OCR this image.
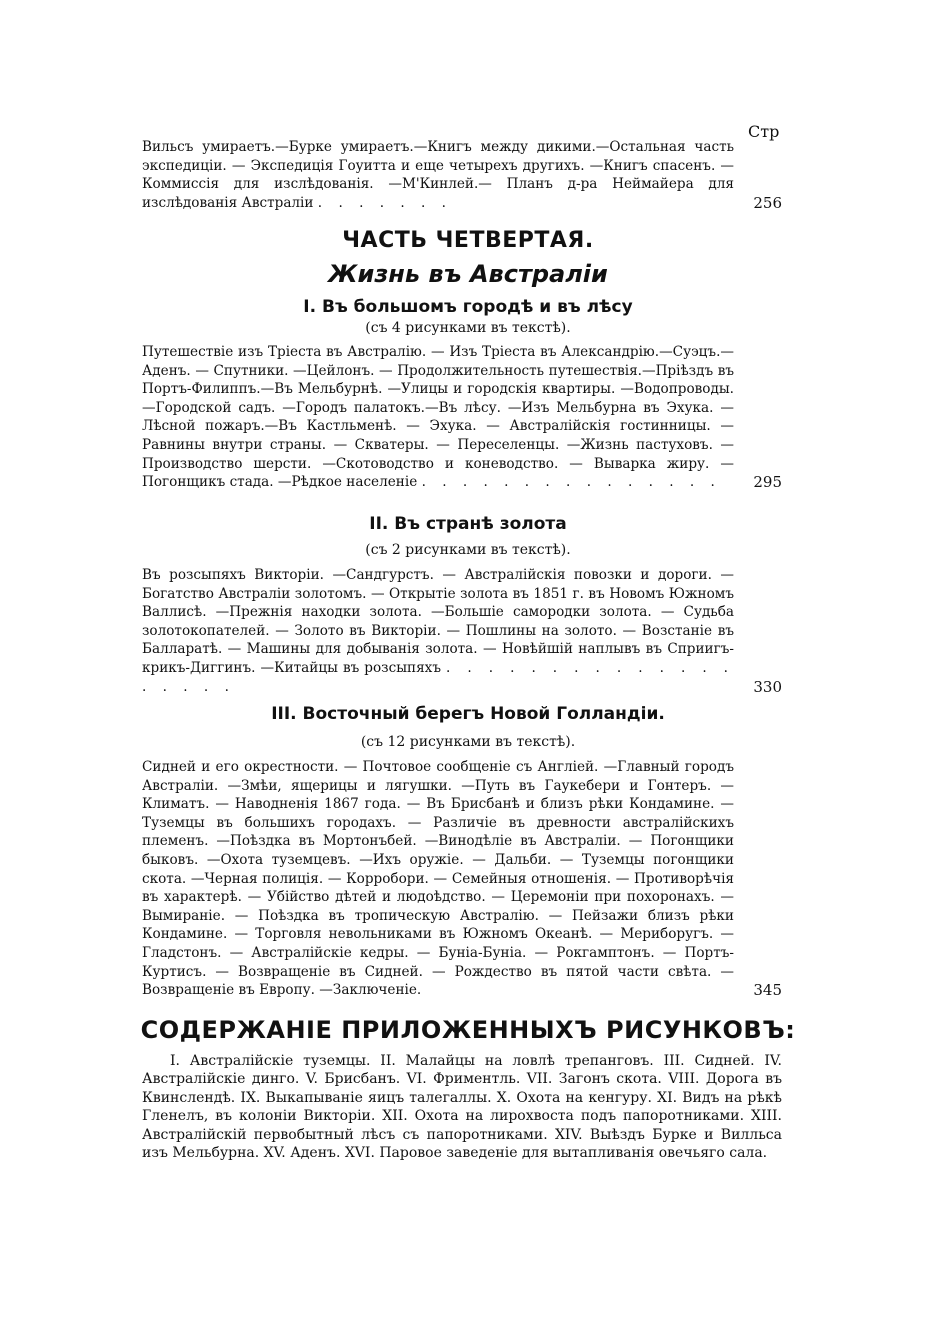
Стр
Вильсъ умираетъ.—Бурке умираетъ.—Книгъ между дикими.—Остальная часть экспедиціи. — Экспедиція Гоуитта и еще четырехъ другихъ. —Книгъ спасенъ. —Коммиссія для изслѣдованія. —М'Кинлей.— Планъ д-ра Неймайера для изслѣдованія Австраліи . . . . . . .	256
ЧАСТЬ ЧЕТВЕРТАЯ.
Жизнь въ Австраліи
I. Въ большомъ городѣ и въ лѣсу
(съ 4 рисунками въ текстѣ).
Путешествіе изъ Тріеста въ Австралію. — Изъ Тріеста въ Александрію.—Суэцъ.—Аденъ. — Спутники. —Цейлонъ. — Продолжительность путешествія.—Пріѣздъ въ Портъ-Филиппъ.—Въ Мельбурнѣ. —Улицы и городскія квартиры. —Водопроводы. —Городской садъ. —Городъ палатокъ.—Въ лѣсу. —Изъ Мельбурна въ Эхука. —Лѣсной пожаръ.—Въ Кастльменѣ. — Эхука. — Австралійскія гостинницы. — Равнины внутри страны. — Скватеры. — Переселенцы. —Жизнь пастуховъ. — Производство шерсти. —Скотоводство и коневодство. — Выварка жиру. —Погонщикъ стада. —Рѣдкое населеніе . . . . . . . . . . . . . . .	295
II. Въ странѣ золота
(съ 2 рисунками въ текстѣ).
Въ розсыпяхъ Викторіи. —Сандгурстъ. — Австралійскія повозки и дороги. —Богатство Австраліи золотомъ. — Открытіе золота въ 1851 г. въ Новомъ Южномъ Валлисѣ. —Прежнія находки золота. —Большіе самородки золота. — Судьба золотокопателей. — Золото въ Викторіи. — Пошлины на золото. — Возстаніе въ Балларатѣ. — Машины для добыванія золота. — Новѣйшій наплывъ въ Сприигъ-крикъ-Диггинъ. —Китайцы въ розсыпяхъ . . . . . . . . . . . . . . . . . . .	330
III. Восточный берегъ Новой Голландіи.
(съ 12 рисунками въ текстѣ).
Сидней и его окрестности. — Почтовое сообщеніе съ Англіей. —Главный городъ Австраліи. —Змѣи, ящерицы и лягушки. —Путь въ Гаукебери и Гонтеръ. — Климатъ. — Наводненія 1867 года. — Въ Брисбанѣ и близъ рѣки Кондамине. — Туземцы въ большихъ городахъ. — Различіе въ древности австралійскихъ племенъ. —Поѣздка въ Мортонъбей. —Винодѣліе въ Австраліи. — Погонщики быковъ. —Охота туземцевъ. —Ихъ оружіе. — Дальби. — Туземцы погонщики скота. —Черная полиція. — Корробори. — Семейныя отношенія. — Противорѣчія въ характерѣ. — Убійство дѣтей и людоѣдство. — Церемоніи при похоронахъ. —Вымираніе. — Поѣздка въ тропическую Австралію. — Пейзажи близъ рѣки Кондамине. — Торговля невольниками въ Южномъ Океанѣ. — Мериборугъ. — Гладстонъ. — Австралійскіе кедры. — Буніа-Буніа. — Рокгамптонъ. — Портъ-Куртисъ. — Возвращеніе въ Сидней. — Рождество въ пятой части свѣта. — Возвращеніе въ Европу. —Заключеніе.	345
СОДЕРЖАНІЕ ПРИЛОЖЕННЫХЪ РИСУНКОВЪ:
I. Австралійскіе туземцы. II. Малайцы на ловлѣ трепанговъ. III. Сидней. IV. Австралійскіе динго. V. Брисбанъ. VI. Фриментль. VII. Загонъ скота. VIII. Дорога въ Квинслендѣ. IX. Выкапываніе яицъ талегаллы. X. Охота на кенгуру. XI. Видъ на рѣкѣ Гленелъ, въ колоніи Викторіи. XII. Охота на лирохвоста подъ папоротниками. XIII. Австралійскій первобытный лѣсъ съ папоротниками. XIV. Выѣздъ Бурке и Вилльса изъ Мельбурна. XV. Аденъ. XVI. Паровое заведеніе для вытапливанія овечьяго сала.
